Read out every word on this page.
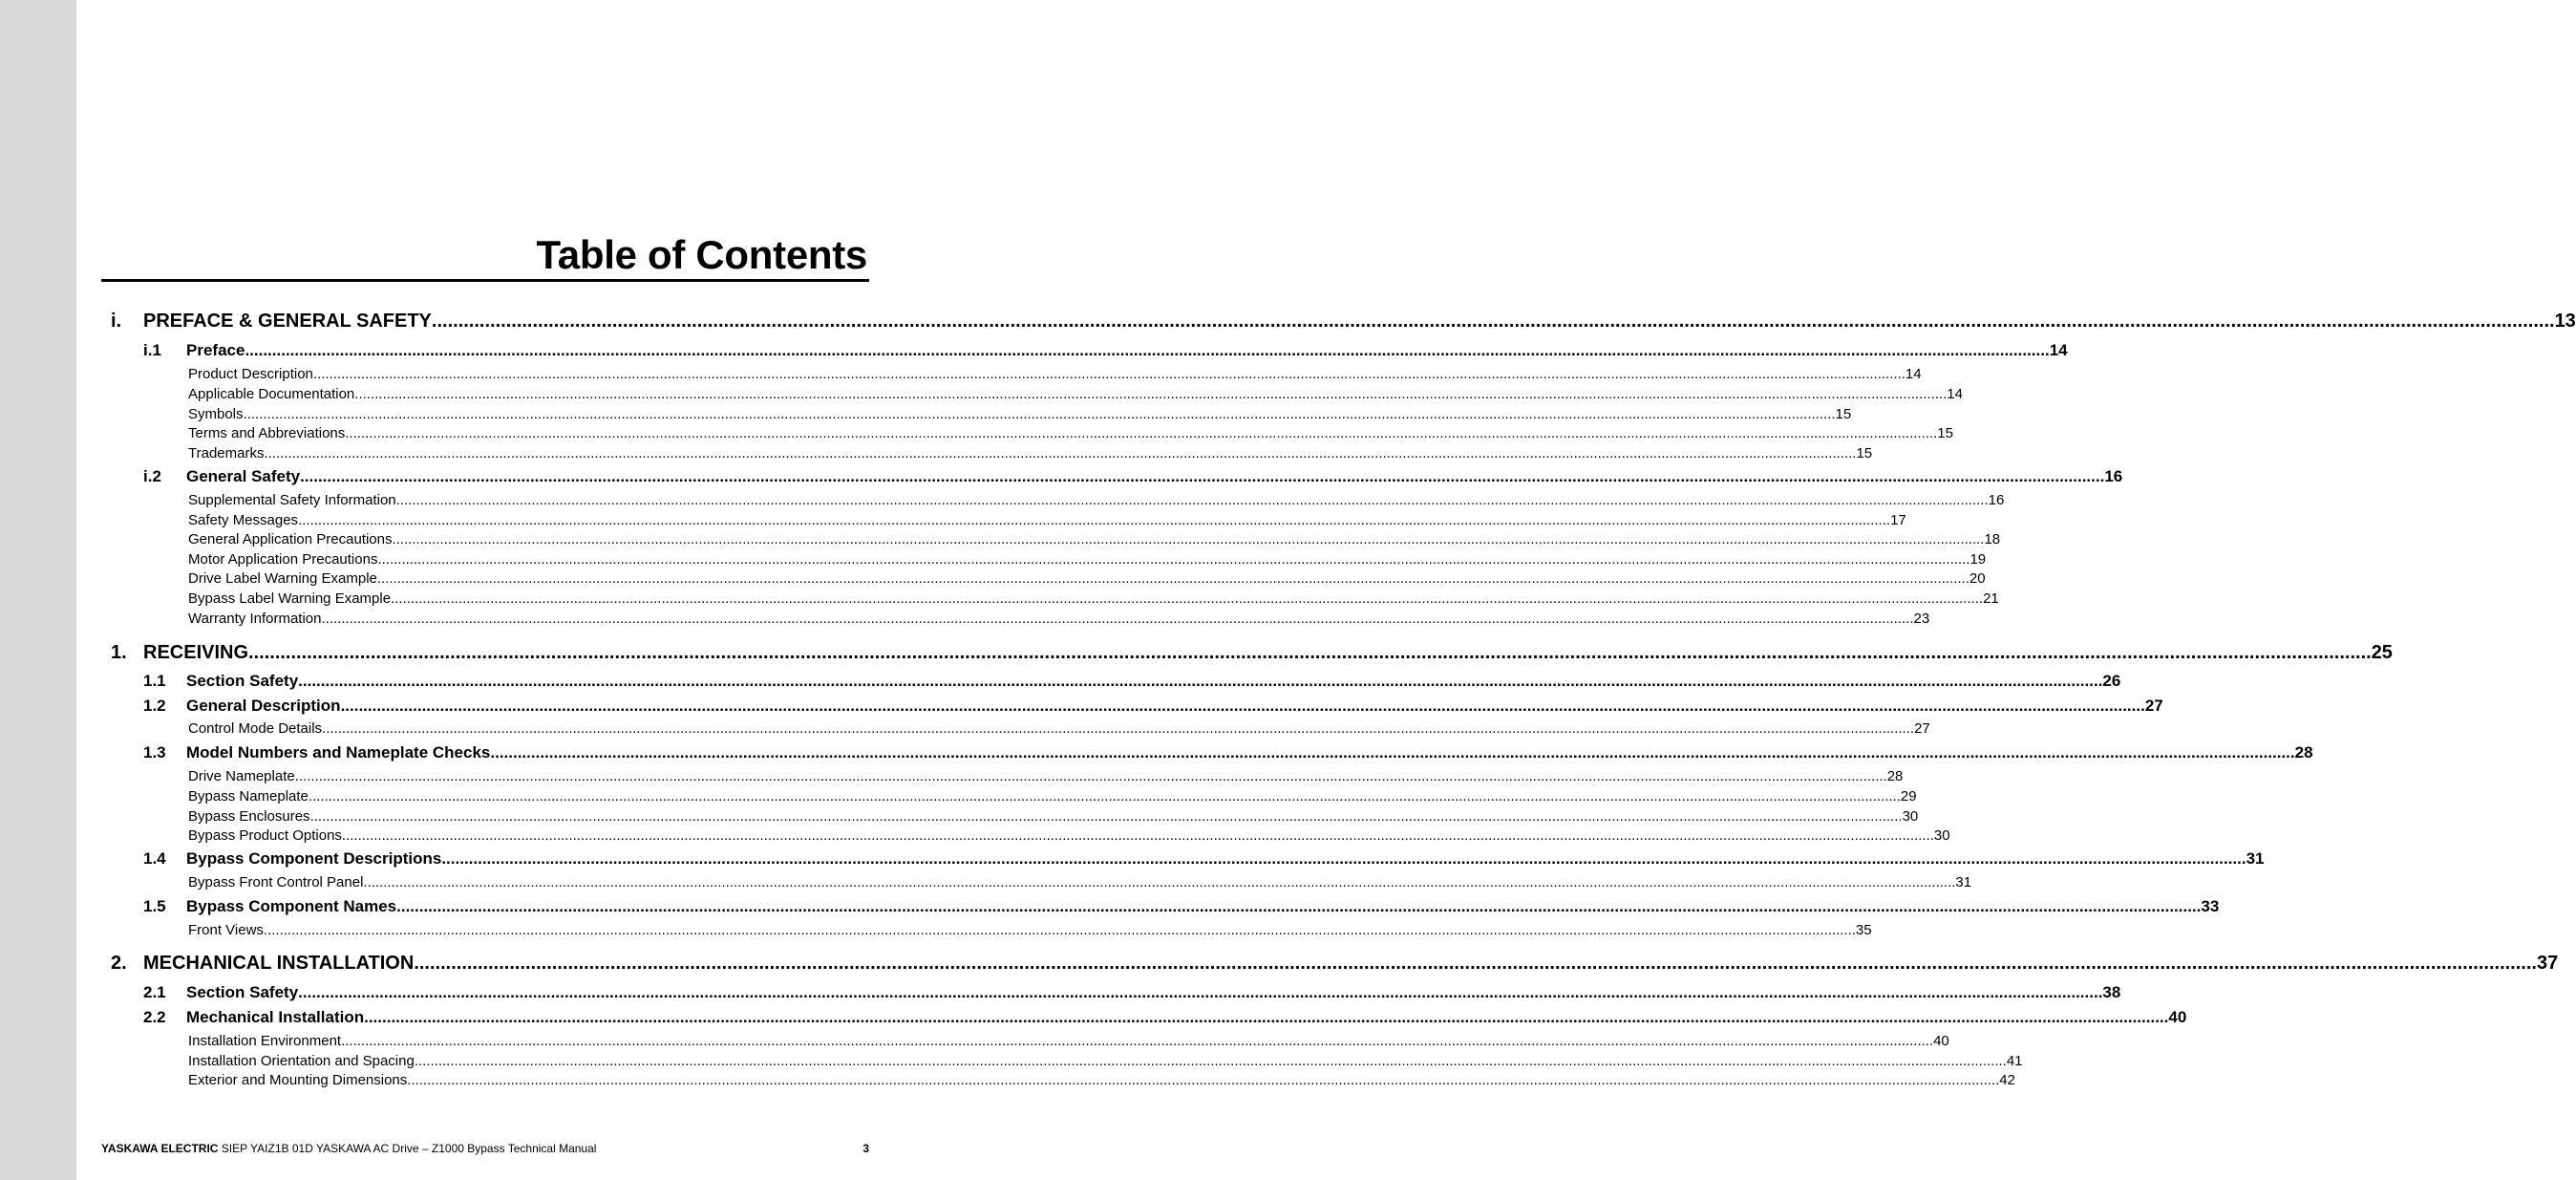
Table of Contents
i. PREFACE & GENERAL SAFETY ................................................................................................................................................................................................................................................................................................................................................................................................................ 13
i.1 Preface ................................................................................................................................................................................................................................................................................................................................................................................................................ 14
Product Description ................................................................................................................................................................................................................................................................................................................................................................................................................ 14
Applicable Documentation ................................................................................................................................................................................................................................................................................................................................................................................................................ 14
Symbols ................................................................................................................................................................................................................................................................................................................................................................................................................ 15
Terms and Abbreviations ................................................................................................................................................................................................................................................................................................................................................................................................................ 15
Trademarks ................................................................................................................................................................................................................................................................................................................................................................................................................ 15
i.2 General Safety ................................................................................................................................................................................................................................................................................................................................................................................................................ 16
Supplemental Safety Information ................................................................................................................................................................................................................................................................................................................................................................................................................ 16
Safety Messages ................................................................................................................................................................................................................................................................................................................................................................................................................ 17
General Application Precautions ................................................................................................................................................................................................................................................................................................................................................................................................................ 18
Motor Application Precautions ................................................................................................................................................................................................................................................................................................................................................................................................................ 19
Drive Label Warning Example ................................................................................................................................................................................................................................................................................................................................................................................................................ 20
Bypass Label Warning Example ................................................................................................................................................................................................................................................................................................................................................................................................................ 21
Warranty Information ................................................................................................................................................................................................................................................................................................................................................................................................................ 23
1. RECEIVING ................................................................................................................................................................................................................................................................................................................................................................................................................ 25
1.1 Section Safety ................................................................................................................................................................................................................................................................................................................................................................................................................ 26
1.2 General Description ................................................................................................................................................................................................................................................................................................................................................................................................................ 27
Control Mode Details ................................................................................................................................................................................................................................................................................................................................................................................................................ 27
1.3 Model Numbers and Nameplate Checks ................................................................................................................................................................................................................................................................................................................................................................................................................ 28
Drive Nameplate ................................................................................................................................................................................................................................................................................................................................................................................................................ 28
Bypass Nameplate ................................................................................................................................................................................................................................................................................................................................................................................................................ 29
Bypass Enclosures ................................................................................................................................................................................................................................................................................................................................................................................................................ 30
Bypass Product Options ................................................................................................................................................................................................................................................................................................................................................................................................................ 30
1.4 Bypass Component Descriptions ................................................................................................................................................................................................................................................................................................................................................................................................................ 31
Bypass Front Control Panel ................................................................................................................................................................................................................................................................................................................................................................................................................ 31
1.5 Bypass Component Names ................................................................................................................................................................................................................................................................................................................................................................................................................ 33
Front Views ................................................................................................................................................................................................................................................................................................................................................................................................................ 35
2. MECHANICAL INSTALLATION ................................................................................................................................................................................................................................................................................................................................................................................................................ 37
2.1 Section Safety ................................................................................................................................................................................................................................................................................................................................................................................................................ 38
2.2 Mechanical Installation ................................................................................................................................................................................................................................................................................................................................................................................................................ 40
Installation Environment ................................................................................................................................................................................................................................................................................................................................................................................................................ 40
Installation Orientation and Spacing ................................................................................................................................................................................................................................................................................................................................................................................................................ 41
Exterior and Mounting Dimensions ................................................................................................................................................................................................................................................................................................................................................................................................................ 42
YASKAWA ELECTRIC SIEP YAIZ1B 01D YASKAWA AC Drive – Z1000 Bypass Technical Manual	3
